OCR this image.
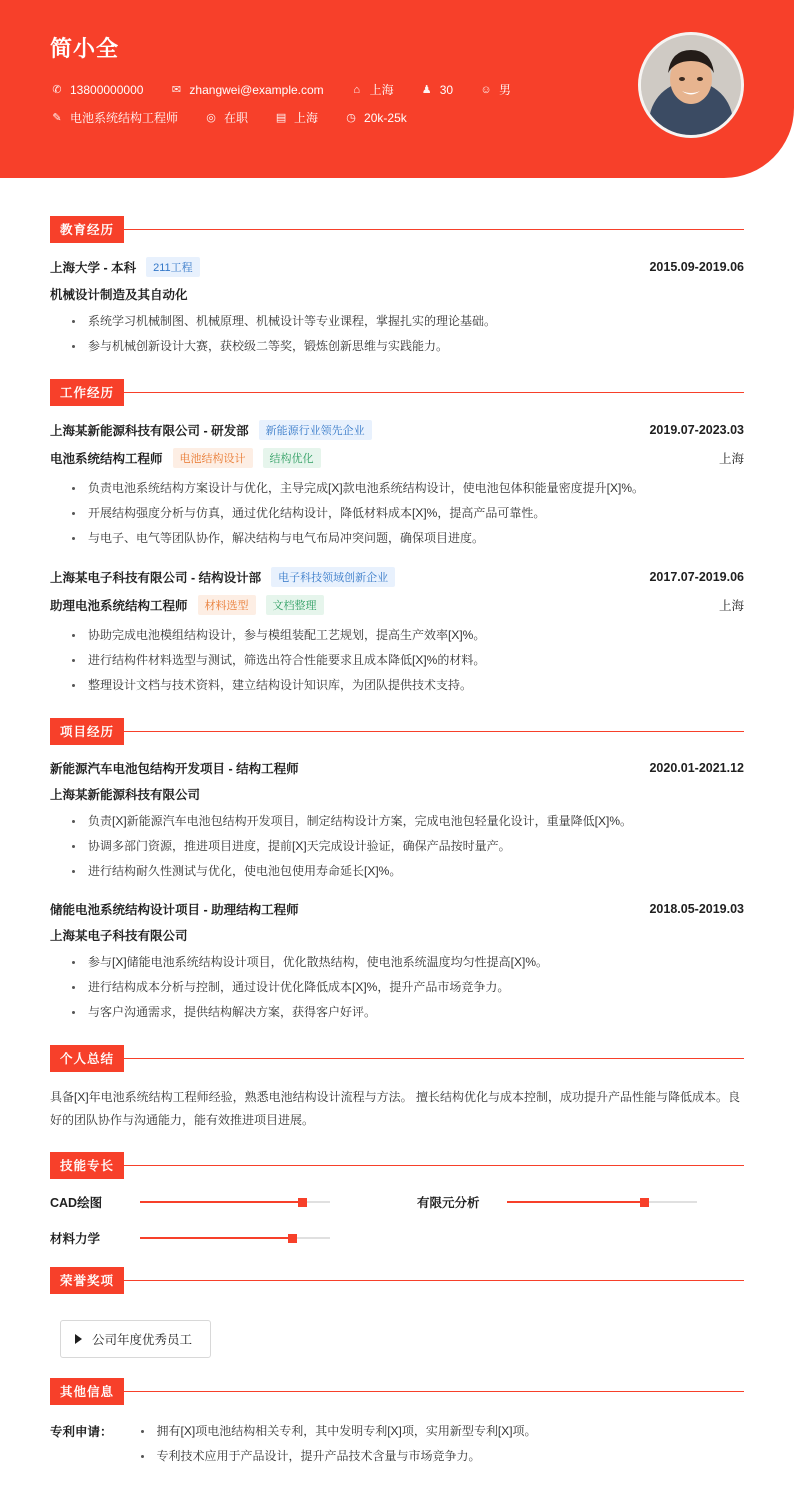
简小全
✆ 13800000000	✉ zhangwei@example.com	⌂ 上海	♟ 30 ☺ 男
✎ 电池系统结构工程师	◎ 在职	▤ 上海	◷ 20k-25k
教育经历
上海大学 - 本科	211工程	2015.09-2019.06
机械设计制造及其自动化
系统学习机械制图、机械原理、机械设计等专业课程，掌握扎实的理论基础。
参与机械创新设计大赛，获校级二等奖，锻炼创新思维与实践能力。
工作经历
上海某新能源科技有限公司 - 研发部	新能源行业领先企业	2019.07-2023.03
电池系统结构工程师	电池结构设计	结构优化	上海
负责电池系统结构方案设计与优化，主导完成[X]款电池系统结构设计，使电池包体积能量密度提升[X]%。
开展结构强度分析与仿真，通过优化结构设计，降低材料成本[X]%，提高产品可靠性。
与电子、电气等团队协作，解决结构与电气布局冲突问题，确保项目进度。
上海某电子科技有限公司 - 结构设计部	电子科技领域创新企业	2017.07-2019.06
助理电池系统结构工程师	材料选型	文档整理	上海
协助完成电池模组结构设计，参与模组装配工艺规划，提高生产效率[X]%。
进行结构件材料选型与测试，筛选出符合性能要求且成本降低[X]%的材料。
整理设计文档与技术资料，建立结构设计知识库，为团队提供技术支持。
项目经历
新能源汽车电池包结构开发项目 - 结构工程师	2020.01-2021.12
上海某新能源科技有限公司
负责[X]新能源汽车电池包结构开发项目，制定结构设计方案，完成电池包轻量化设计，重量降低[X]%。
协调多部门资源，推进项目进度，提前[X]天完成设计验证，确保产品按时量产。
进行结构耐久性测试与优化，使电池包使用寿命延长[X]%。
储能电池系统结构设计项目 - 助理结构工程师	2018.05-2019.03
上海某电子科技有限公司
参与[X]储能电池系统结构设计项目，优化散热结构，使电池系统温度均匀性提高[X]%。
进行结构成本分析与控制，通过设计优化降低成本[X]%，提升产品市场竞争力。
与客户沟通需求，提供结构解决方案，获得客户好评。
个人总结
具备[X]年电池系统结构工程师经验，熟悉电池结构设计流程与方法。 擅长结构优化与成本控制，成功提升产品性能与降低成本。良好的团队协作与沟通能力，能有效推进项目进展。
技能专长
CAD绘图	有限元分析
材料力学
荣誉奖项
公司年度优秀员工
其他信息
专利申请：	拥有[X]项电池结构相关专利，其中发明专利[X]项，实用新型专利[X]项。
专利技术应用于产品设计，提升产品技术含量与市场竞争力。
